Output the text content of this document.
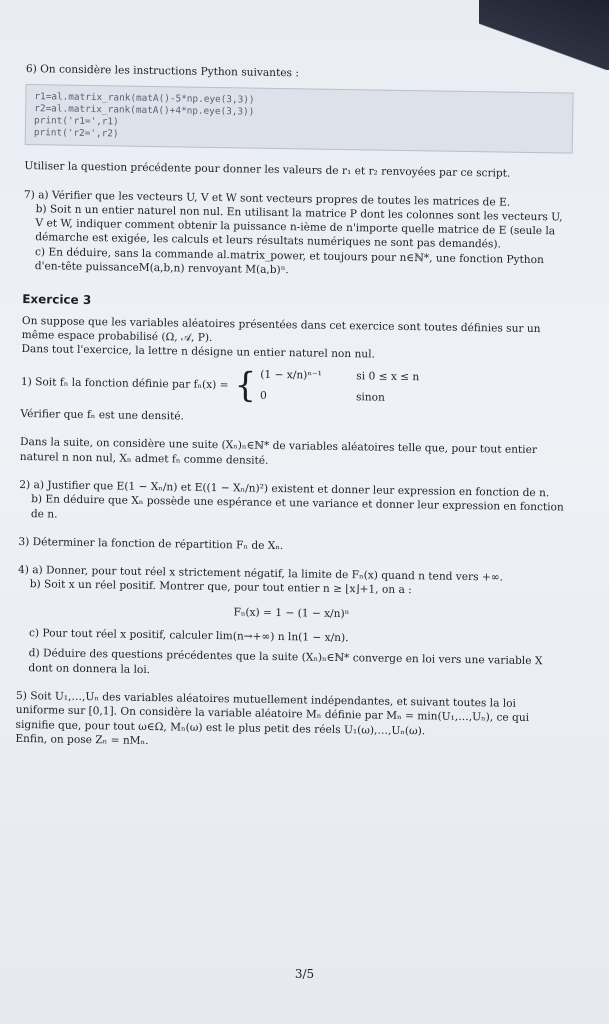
6) On considère les instructions Python suivantes :

r1=al.matrix_rank(matA()-5*np.eye(3,3))
r2=al.matrix_rank(matA()+4*np.eye(3,3))
print('r1=',r1)
print('r2=',r2)

Utiliser la question précédente pour donner les valeurs de r₁ et r₂ renvoyées par ce script.

7) a) Vérifier que les vecteurs U, V et W sont vecteurs propres de toutes les matrices de E.

b) Soit n un entier naturel non nul. En utilisant la matrice P dont les colonnes sont les vecteurs U, V et W, indiquer comment obtenir la puissance n-ième de n'importe quelle matrice de E (seule la démarche est exigée, les calculs et leurs résultats numériques ne sont pas demandés).

c) En déduire, sans la commande al.matrix_power, et toujours pour n∈ℕ*, une fonction Python d'en-tête puissanceM(a,b,n) renvoyant M(a,b)ⁿ.

Exercice 3

On suppose que les variables aléatoires présentées dans cet exercice sont toutes définies sur un même espace probabilisé (Ω, 𝒜, P).

Dans tout l'exercice, la lettre n désigne un entier naturel non nul.

1) Soit fₙ la fonction définie par fₙ(x) = { (1 − x/n)ⁿ⁻¹	si 0 ≤ x ≤ n
0	sinon

Vérifier que fₙ est une densité.

Dans la suite, on considère une suite (Xₙ)ₙ∈ℕ* de variables aléatoires telle que, pour tout entier naturel n non nul, Xₙ admet fₙ comme densité.

2) a) Justifier que E(1 − Xₙ/n) et E((1 − Xₙ/n)²) existent et donner leur expression en fonction de n.

b) En déduire que Xₙ possède une espérance et une variance et donner leur expression en fonction de n.

3) Déterminer la fonction de répartition Fₙ de Xₙ.

4) a) Donner, pour tout réel x strictement négatif, la limite de Fₙ(x) quand n tend vers +∞.

b) Soit x un réel positif. Montrer que, pour tout entier n ≥ ⌊x⌋+1, on a :

Fₙ(x) = 1 − (1 − x/n)ⁿ

c) Pour tout réel x positif, calculer lim(n→+∞) n ln(1 − x/n).

d) Déduire des questions précédentes que la suite (Xₙ)ₙ∈ℕ* converge en loi vers une variable X dont on donnera la loi.

5) Soit U₁,…,Uₙ des variables aléatoires mutuellement indépendantes, et suivant toutes la loi uniforme sur [0,1]. On considère la variable aléatoire Mₙ définie par Mₙ = min(U₁,…,Uₙ), ce qui signifie que, pour tout ω∈Ω, Mₙ(ω) est le plus petit des réels U₁(ω),…,Uₙ(ω).

Enfin, on pose Zₙ = nMₙ.

3/5
